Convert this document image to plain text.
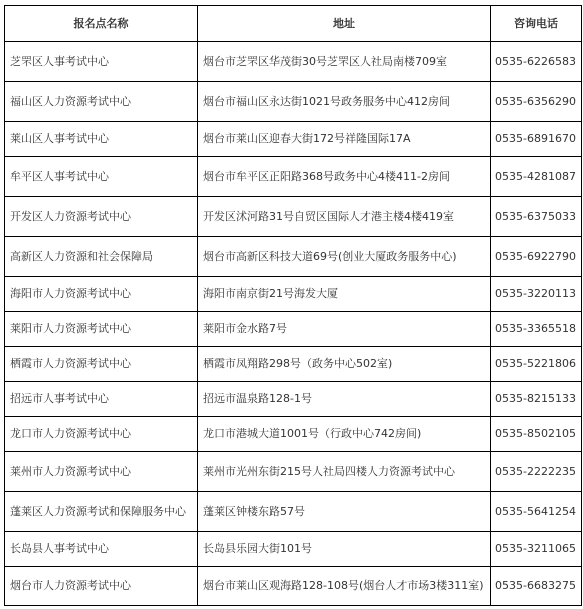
报名点名称	地址	咨询电话
芝罘区人事考试中心	烟台市芝罘区华茂街30号芝罘区人社局南楼709室	0535-6226583
福山区人力资源考试中心	烟台市福山区永达街1021号政务服务中心412房间	0535-6356290
莱山区人事考试中心	烟台市莱山区迎春大街172号祥隆国际17A	0535-6891670
牟平区人事考试中心	烟台市牟平区正阳路368号政务中心4楼411-2房间	0535-4281087
开发区人力资源考试中心	开发区沭河路31号自贸区国际人才港主楼4楼419室	0535-6375033
高新区人力资源和社会保障局	烟台市高新区科技大道69号(创业大厦政务服务中心)	0535-6922790
海阳市人力资源考试中心	海阳市南京街21号海发大厦	0535-3220113
莱阳市人力资源考试中心	莱阳市金水路7号	0535-3365518
栖霞市人力资源考试中心	栖霞市凤翔路298号（政务中心502室)	0535-5221806
招远市人事考试中心	招远市温泉路128-1号	0535-8215133
龙口市人力资源考试中心	龙口市港城大道1001号（行政中心742房间)	0535-8502105
莱州市人力资源考试中心	莱州市光州东街215号人社局四楼人力资源考试中心	0535-2222235
蓬莱区人力资源考试和保障服务中心	蓬莱区钟楼东路57号	0535-5641254
长岛县人事考试中心	长岛县乐园大街101号	0535-3211065
烟台市人力资源考试中心	烟台市莱山区观海路128-108号(烟台人才市场3楼311室)	0535-6683275
